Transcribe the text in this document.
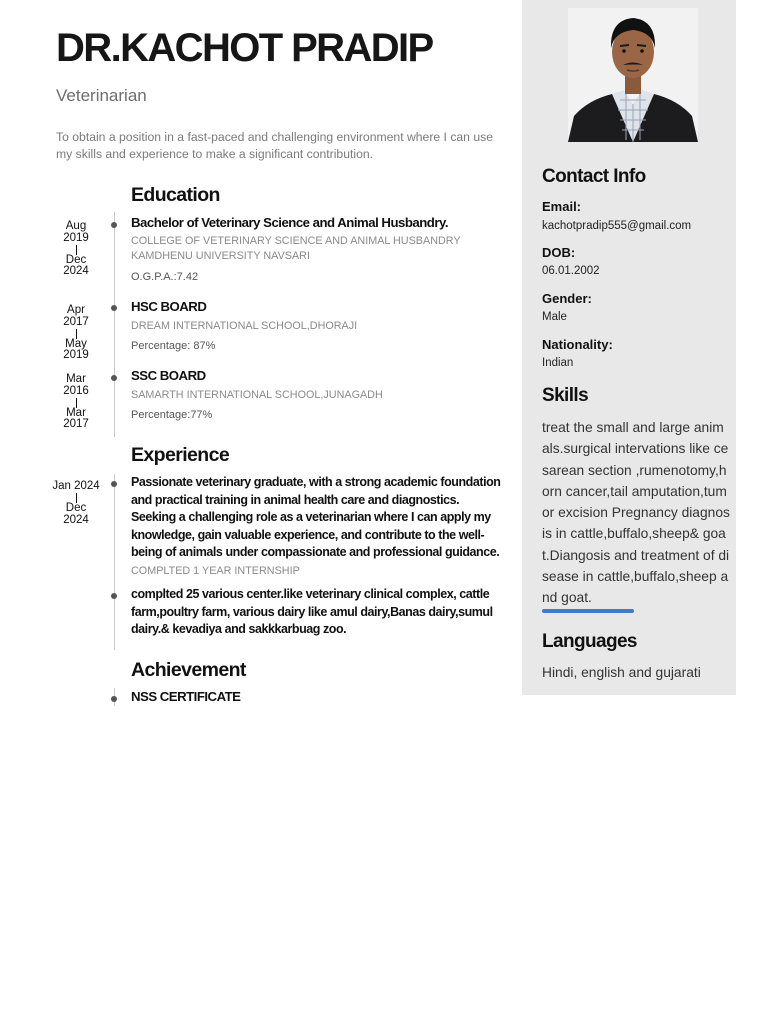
DR.KACHOT PRADIP
Veterinarian
To obtain a position in a fast-paced and challenging environment where I can use my skills and experience to make a significant contribution.
Education
Aug
2019
Dec
2024
Bachelor of Veterinary Science and Animal Husbandry.
COLLEGE OF VETERINARY SCIENCE AND ANIMAL HUSBANDRY KAMDHENU UNIVERSITY NAVSARI
O.G.P.A.:7.42
Apr
2017
May
2019
HSC BOARD
DREAM INTERNATIONAL SCHOOL,DHORAJI
Percentage: 87%
Mar
2016
Mar
2017
SSC BOARD
SAMARTH INTERNATIONAL SCHOOL,JUNAGADH
Percentage:77%
Experience
Jan 2024
Dec
2024
Passionate veterinary graduate, with a strong academic foundation and practical training in animal health care and diagnostics. Seeking a challenging role as a veterinarian where I can apply my knowledge, gain valuable experience, and contribute to the well-being of animals under compassionate and professional guidance.
COMPLTED 1 YEAR INTERNSHIP
complted 25 various center.like veterinary clinical complex, cattle farm,poultry farm, various dairy like amul dairy,Banas dairy,sumul dairy.& kevadiya and sakkkarbuag zoo.
Achievement
NSS CERTIFICATE
Contact Info
Email:
kachotpradip555@gmail.com
DOB:
06.01.2002
Gender:
Male
Nationality:
Indian
Skills
treat the small and large animals.surgical intervations like cesarean section ,rumenotomy,horn cancer,tail amputation,tumor excision Pregnancy diagnosis in cattle,buffalo,sheep& goat.Diangosis and treatment of disease in cattle,buffalo,sheep and goat.
Languages
Hindi, english and gujarati
